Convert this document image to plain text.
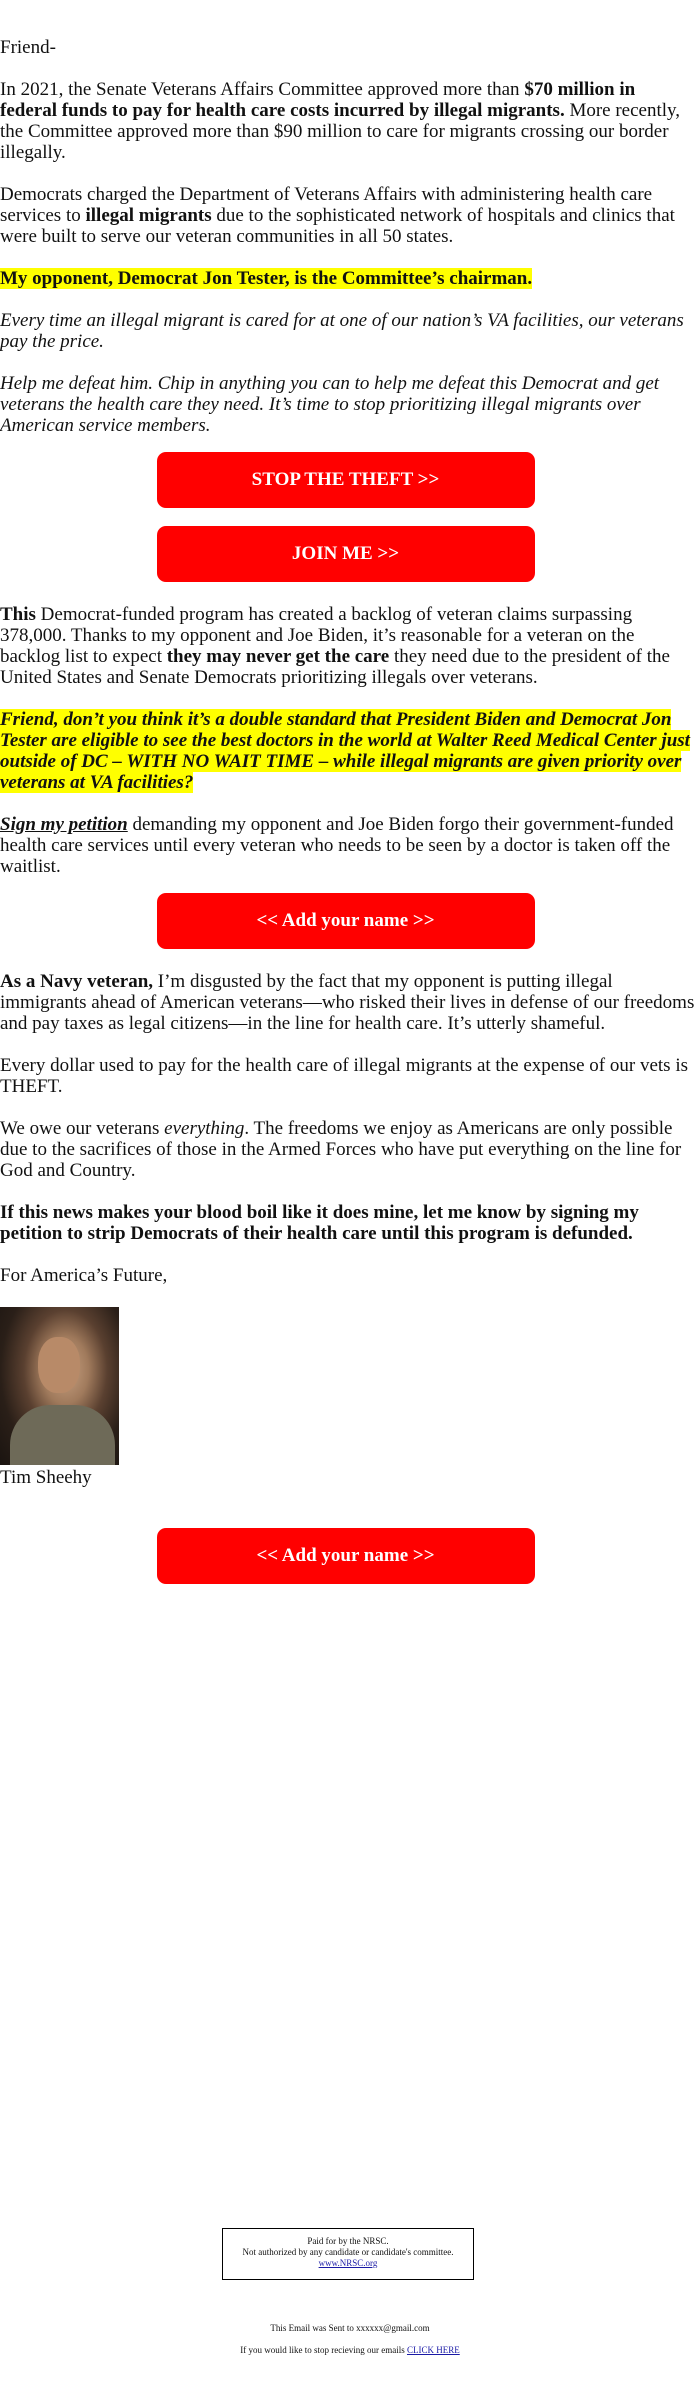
Friend-

In 2021, the Senate Veterans Affairs Committee approved more than $70 million in federal funds to pay for health care costs incurred by illegal migrants. More recently, the Committee approved more than $90 million to care for migrants crossing our border illegally.

Democrats charged the Department of Veterans Affairs with administering health care services to illegal migrants due to the sophisticated network of hospitals and clinics that were built to serve our veteran communities in all 50 states.

My opponent, Democrat Jon Tester, is the Committee’s chairman.

Every time an illegal migrant is cared for at one of our nation’s VA facilities, our veterans pay the price.

Help me defeat him. Chip in anything you can to help me defeat this Democrat and get veterans the health care they need. It’s time to stop prioritizing illegal migrants over American service members.

STOP THE THEFT >>
JOIN ME >>

This Democrat-funded program has created a backlog of veteran claims surpassing 378,000. Thanks to my opponent and Joe Biden, it’s reasonable for a veteran on the backlog list to expect they may never get the care they need due to the president of the United States and Senate Democrats prioritizing illegals over veterans.

Friend, don’t you think it’s a double standard that President Biden and Democrat Jon Tester are eligible to see the best doctors in the world at Walter Reed Medical Center just outside of DC – WITH NO WAIT TIME – while illegal migrants are given priority over veterans at VA facilities?

Sign my petition demanding my opponent and Joe Biden forgo their government-funded health care services until every veteran who needs to be seen by a doctor is taken off the waitlist.

<< Add your name >>

As a Navy veteran, I’m disgusted by the fact that my opponent is putting illegal immigrants ahead of American veterans—who risked their lives in defense of our freedoms and pay taxes as legal citizens—in the line for health care. It’s utterly shameful.

Every dollar used to pay for the health care of illegal migrants at the expense of our vets is THEFT.

We owe our veterans everything. The freedoms we enjoy as Americans are only possible due to the sacrifices of those in the Armed Forces who have put everything on the line for God and Country.

If this news makes your blood boil like it does mine, let me know by signing my petition to strip Democrats of their health care until this program is defunded.

For America’s Future,

Tim Sheehy
<< Add your name >>
Paid for by the NRSC.
Not authorized by any candidate or candidate's committee.
www.NRSC.org
This Email was Sent to xxxxxx@gmail.com
If you would like to stop recieving our emails CLICK HERE
